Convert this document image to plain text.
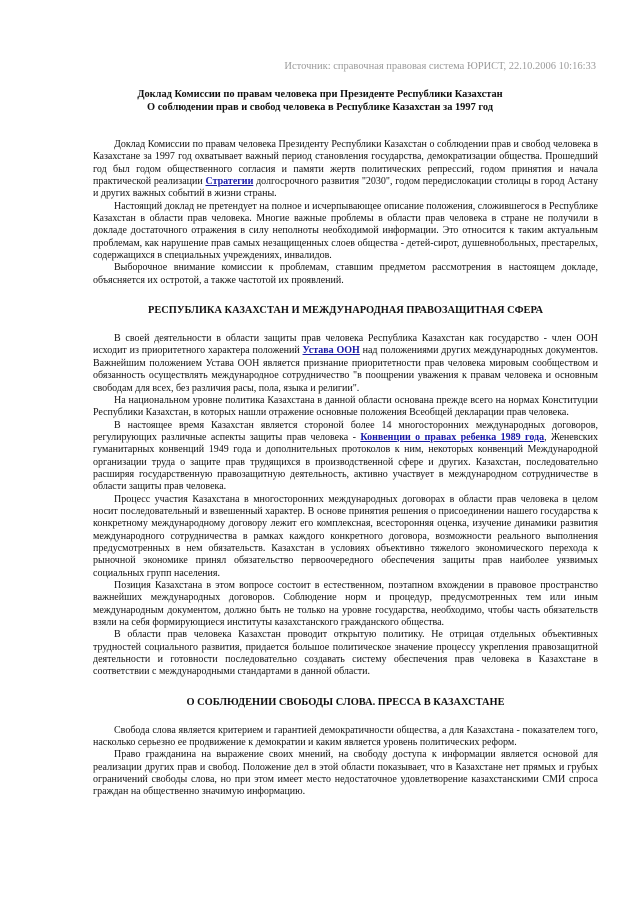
Источник: справочная правовая система ЮРИСТ, 22.10.2006 10:16:33
Доклад Комиссии по правам человека при Президенте Республики Казахстан
О соблюдении прав и свобод человека в Республике Казахстан за 1997 год

Доклад Комиссии по правам человека Президенту Республики Казахстан о соблюдении прав и свобод человека в Казахстане за 1997 год охватывает важный период становления государства, демократизации общества. Прошедший год был годом общественного согласия и памяти жертв политических репрессий, годом принятия и начала практической реализации Стратегии долгосрочного развития "2030", годом передислокации столицы в город Астану и других важных событий в жизни страны.

Настоящий доклад не претендует на полное и исчерпывающее описание положения, сложившегося в Республике Казахстан в области прав человека. Многие важные проблемы в области прав человека в стране не получили в докладе достаточного отражения в силу неполноты необходимой информации. Это относится к таким актуальным проблемам, как нарушение прав самых незащищенных слоев общества - детей-сирот, душевнобольных, престарелых, содержащихся в специальных учреждениях, инвалидов.

Выборочное внимание комиссии к проблемам, ставшим предметом рассмотрения в настоящем докладе, объясняется их остротой, а также частотой их проявлений.

РЕСПУБЛИКА КАЗАХСТАН И МЕЖДУНАРОДНАЯ ПРАВОЗАЩИТНАЯ СФЕРА

В своей деятельности в области защиты прав человека Республика Казахстан как государство - член ООН исходит из приоритетного характера положений Устава ООН над положениями других международных документов. Важнейшим положением Устава ООН является признание приоритетности прав человека мировым сообществом и обязанность осуществлять международное сотрудничество "в поощрении уважения к правам человека и основным свободам для всех, без различия расы, пола, языка и религии".

На национальном уровне политика Казахстана в данной области основана прежде всего на нормах Конституции Республики Казахстан, в которых нашли отражение основные положения Всеобщей декларации прав человека.

В настоящее время Казахстан является стороной более 14 многосторонних международных договоров, регулирующих различные аспекты защиты прав человека - Конвенции о правах ребенка 1989 года, Женевских гуманитарных конвенций 1949 года и дополнительных протоколов к ним, некоторых конвенций Международной организации труда о защите прав трудящихся в производственной сфере и других. Казахстан, последовательно расширяя государственную правозащитную деятельность, активно участвует в международном сотрудничестве в области защиты прав человека.

Процесс участия Казахстана в многосторонних международных договорах в области прав человека в целом носит последовательный и взвешенный характер. В основе принятия решения о присоединении нашего государства к конкретному международному договору лежит его комплексная, всесторонняя оценка, изучение динамики развития международного сотрудничества в рамках каждого конкретного договора, возможности реального выполнения предусмотренных в нем обязательств. Казахстан в условиях объективно тяжелого экономического перехода к рыночной экономике принял обязательство первоочередного обеспечения защиты прав наиболее уязвимых социальных групп населения.

Позиция Казахстана в этом вопросе состоит в естественном, поэтапном вхождении в правовое пространство важнейших международных договоров. Соблюдение норм и процедур, предусмотренных тем или иным международным документом, должно быть не только на уровне государства, необходимо, чтобы часть обязательств взяли на себя формирующиеся институты казахстанского гражданского общества.

В области прав человека Казахстан проводит открытую политику. Не отрицая отдельных объективных трудностей социального развития, придается большое политическое значение процессу укрепления правозащитной деятельности и готовности последовательно создавать систему обеспечения прав человека в Казахстане в соответствии с международными стандартами в данной области.

О СОБЛЮДЕНИИ СВОБОДЫ СЛОВА. ПРЕССА В КАЗАХСТАНЕ

Свобода слова является критерием и гарантией демократичности общества, а для Казахстана - показателем того, насколько серьезно ее продвижение к демократии и каким является уровень политических реформ.

Право гражданина на выражение своих мнений, на свободу доступа к информации является основой для реализации других прав и свобод. Положение дел в этой области показывает, что в Казахстане нет прямых и грубых ограничений свободы слова, но при этом имеет место недостаточное удовлетворение казахстанскими СМИ спроса граждан на общественно значимую информацию.
